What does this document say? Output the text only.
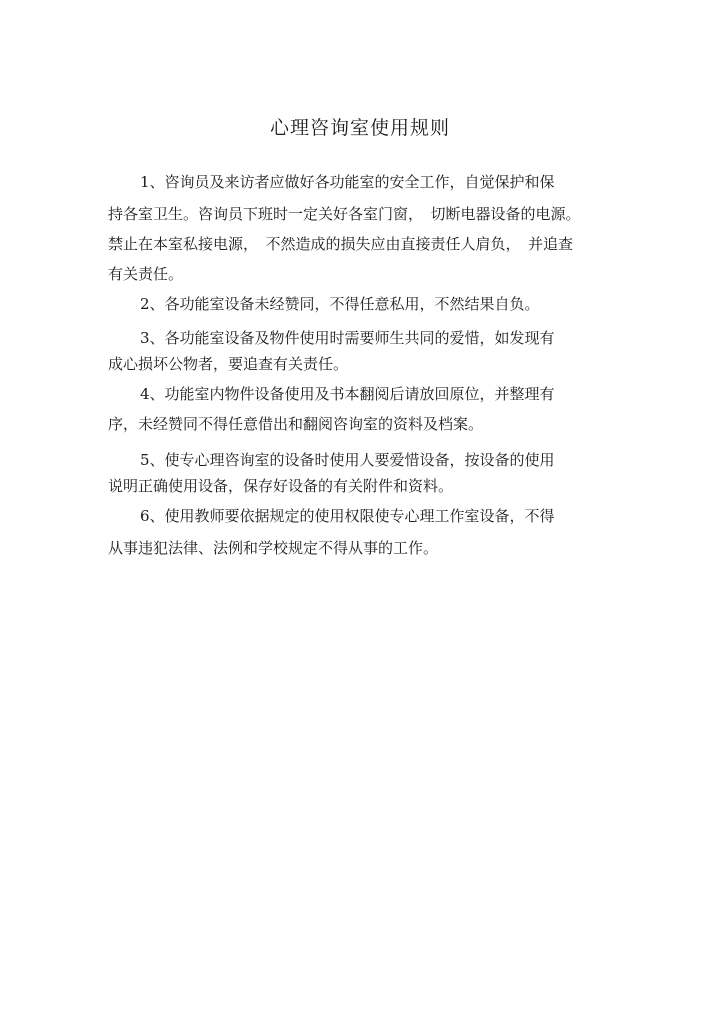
心理咨询室使用规则

1、咨询员及来访者应做好各功能室的安全工作，自觉保护和保

持各室卫生。咨询员下班时一定关好各室门窗，　切断电器设备的电源。

禁止在本室私接电源，　不然造成的损失应由直接责任人肩负，　并追查

有关责任。

2、各功能室设备未经赞同，不得任意私用，不然结果自负。

3、各功能室设备及物件使用时需要师生共同的爱惜，如发现有

成心损坏公物者，要追查有关责任。

4、功能室内物件设备使用及书本翻阅后请放回原位，并整理有

序，未经赞同不得任意借出和翻阅咨询室的资料及档案。

5、使专心理咨询室的设备时使用人要爱惜设备，按设备的使用

说明正确使用设备，保存好设备的有关附件和资料。

6、使用教师要依据规定的使用权限使专心理工作室设备，不得

从事违犯法律、法例和学校规定不得从事的工作。
